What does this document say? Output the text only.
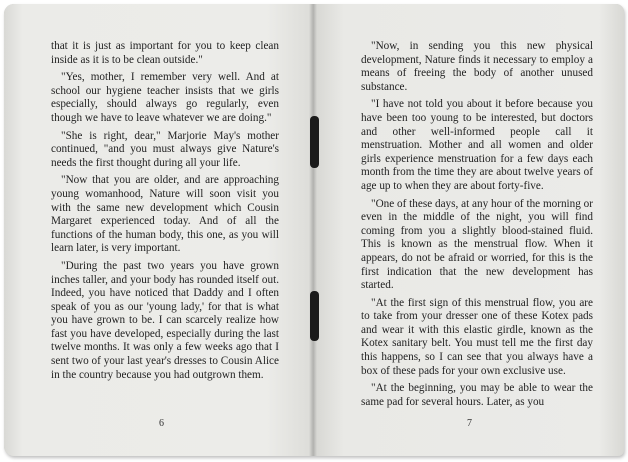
that it is just as important for you to keep clean inside as it is to be clean outside."

"Yes, mother, I remember very well. And at school our hygiene teacher insists that we girls especially, should always go regularly, even though we have to leave whatever we are doing."

"She is right, dear," Marjorie May's mother continued, "and you must always give Nature's needs the first thought during all your life.

"Now that you are older, and are approaching young womanhood, Nature will soon visit you with the same new development which Cousin Margaret experienced today. And of all the functions of the human body, this one, as you will learn later, is very important.

"During the past two years you have grown inches taller, and your body has rounded itself out. Indeed, you have noticed that Daddy and I often speak of you as our 'young lady,' for that is what you have grown to be. I can scarcely realize how fast you have developed, especially during the last twelve months. It was only a few weeks ago that I sent two of your last year's dresses to Cousin Alice in the country because you had outgrown them.

6

"Now, in sending you this new physical development, Nature finds it necessary to employ a means of freeing the body of another unused substance.

"I have not told you about it before because you have been too young to be interested, but doctors and other well-informed people call it menstruation. Mother and all women and older girls experience menstruation for a few days each month from the time they are about twelve years of age up to when they are about forty-five.

"One of these days, at any hour of the morning or even in the middle of the night, you will find coming from you a slightly blood-stained fluid. This is known as the menstrual flow. When it appears, do not be afraid or worried, for this is the first indication that the new development has started.

"At the first sign of this menstrual flow, you are to take from your dresser one of these Kotex pads and wear it with this elastic girdle, known as the Kotex sanitary belt. You must tell me the first day this happens, so I can see that you always have a box of these pads for your own exclusive use.

"At the beginning, you may be able to wear the same pad for several hours. Later, as you

7
